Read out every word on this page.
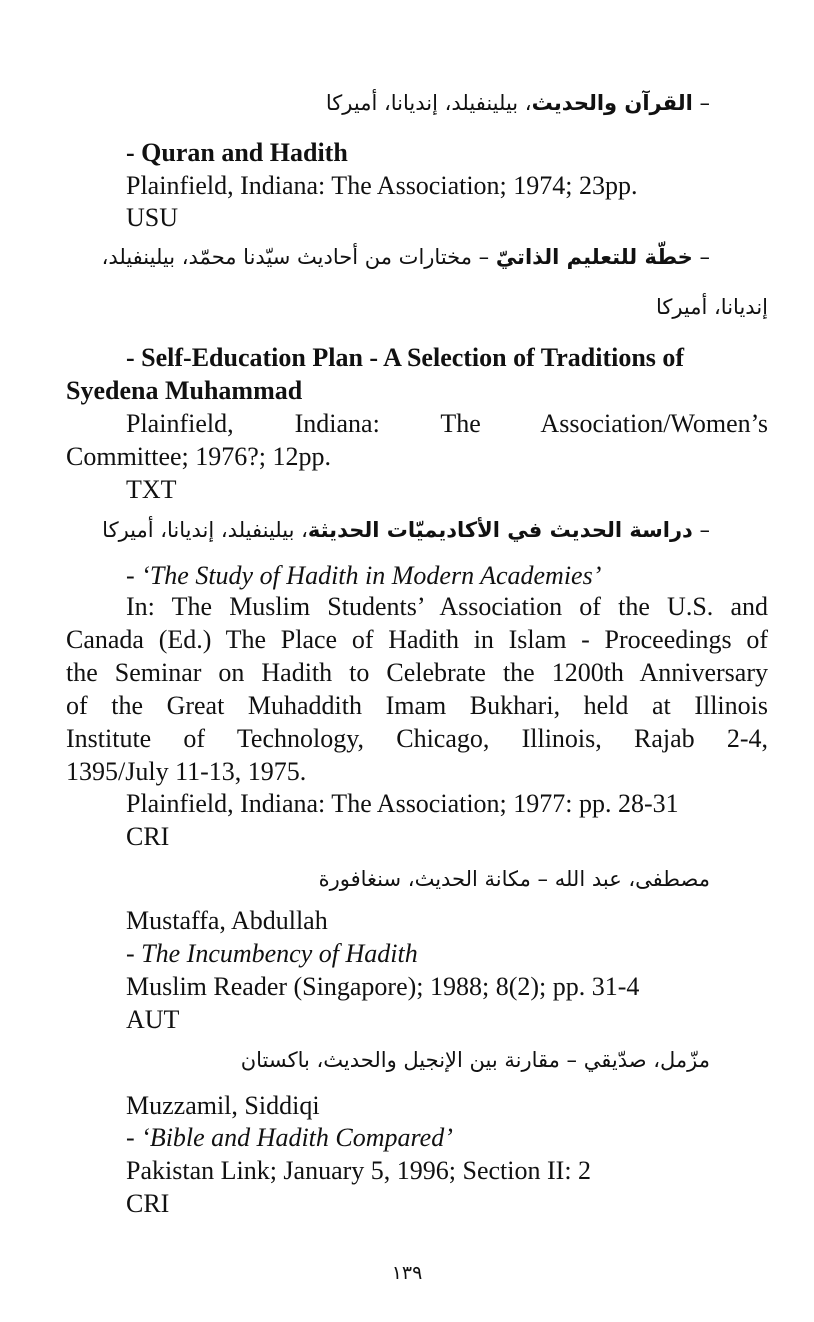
– القرآن والحديث، بيلينفيلد، إنديانا، أميركا
- Quran and Hadith
Plainfield, Indiana: The Association; 1974; 23pp.
USU
– خطّة للتعليم الذاتيّ – مختارات من أحاديث سيّدنا محمّد، بيلينفيلد،
إنديانا، أميركا
- Self-Education Plan - A Selection of Traditions of
Syedena Muhammad
Plainfield, Indiana: The Association/Women’s
Committee; 1976?; 12pp.
TXT
– دراسة الحديث في الأكاديميّات الحديثة، بيلينفيلد، إنديانا، أميركا
- ‘The Study of Hadith in Modern Academies’
In: The Muslim Students’ Association of the U.S. and
Canada (Ed.) The Place of Hadith in Islam - Proceedings of
the Seminar on Hadith to Celebrate the 1200th Anniversary
of the Great Muhaddith Imam Bukhari, held at Illinois
Institute of Technology, Chicago, Illinois, Rajab 2-4,
1395/July 11-13, 1975.
Plainfield, Indiana: The Association; 1977: pp. 28-31
CRI
مصطفى، عبد الله – مكانة الحديث، سنغافورة
Mustaffa, Abdullah
- The Incumbency of Hadith
Muslim Reader (Singapore); 1988; 8(2); pp. 31-4
AUT
مزّمل، صدّيقي – مقارنة بين الإنجيل والحديث، باكستان
Muzzamil, Siddiqi
- ‘Bible and Hadith Compared’
Pakistan Link; January 5, 1996; Section II: 2
CRI
١٣٩
